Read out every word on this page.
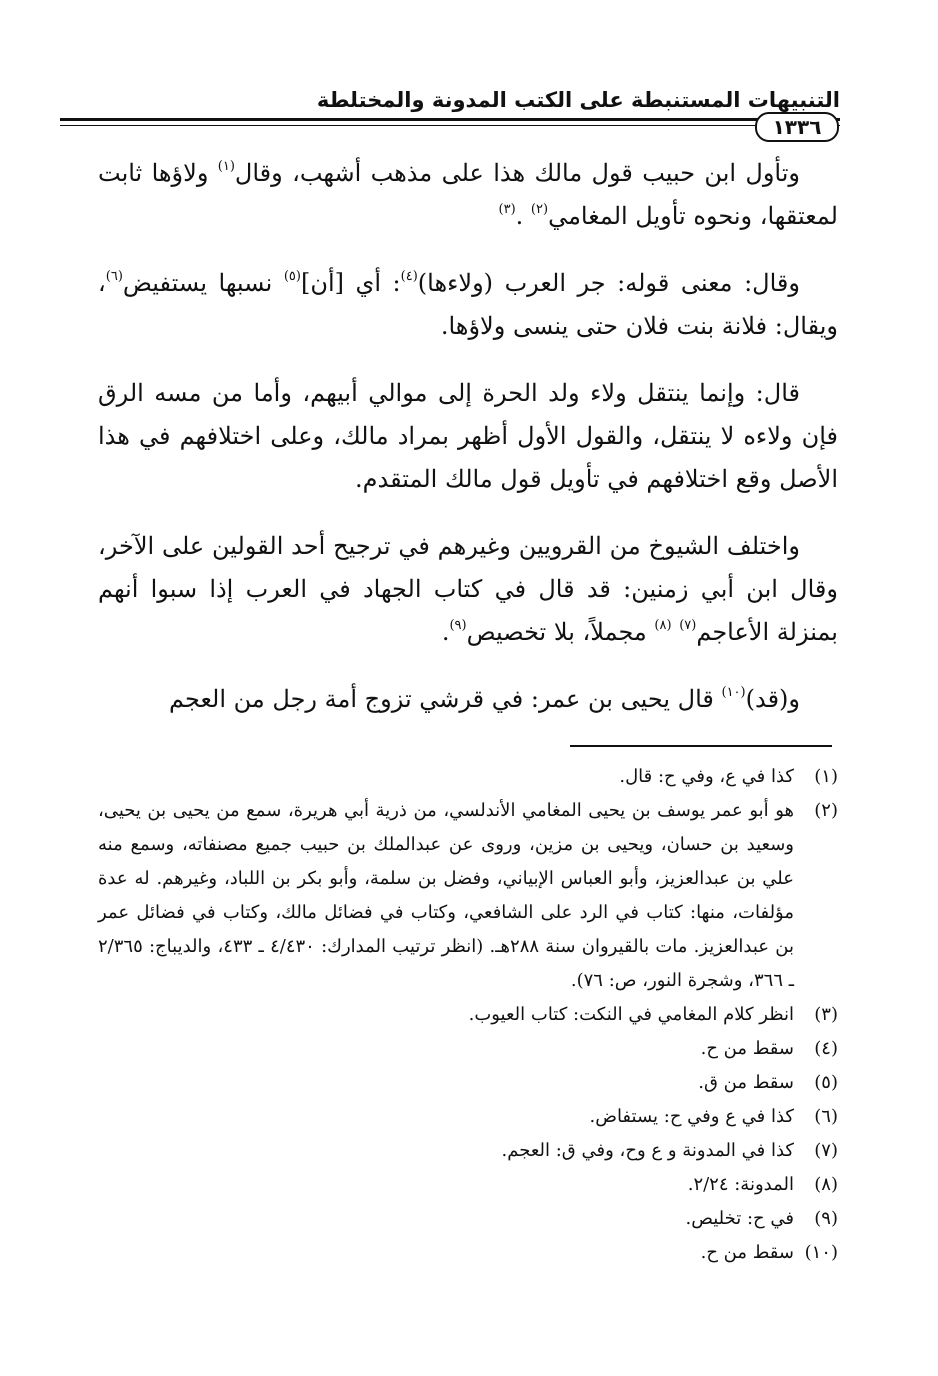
التنبيهات المستنبطة على الكتب المدونة والمختلطة
١٣٣٦

وتأول ابن حبيب قول مالك هذا على مذهب أشهب، وقال$^{(١)}$ ولاؤها ثابت لمعتقها، ونحوه تأويل المغامي$^{(٢)}$ .$^{(٣)}$

وقال: معنى قوله: جر العرب (ولاءها)$^{(٤)}$: أي [أن]$^{(٥)}$ نسبها يستفيض$^{(٦)}$، ويقال: فلانة بنت فلان حتى ينسى ولاؤها.

قال: وإنما ينتقل ولاء ولد الحرة إلى موالي أبيهم، وأما من مسه الرق فإن ولاءه لا ينتقل، والقول الأول أظهر بمراد مالك، وعلى اختلافهم في هذا الأصل وقع اختلافهم في تأويل قول مالك المتقدم.

واختلف الشيوخ من القرويين وغيرهم في ترجيح أحد القولين على الآخر، وقال ابن أبي زمنين: قد قال في كتاب الجهاد في العرب إذا سبوا أنهم بمنزلة الأعاجم$^{(٧)}$ $^{(٨)}$ مجملاً، بلا تخصيص$^{(٩)}$.

و(قد)$^{(١٠)}$ قال يحيى بن عمر: في قرشي تزوج أمة رجل من العجم

(١)
كذا في ع، وفي ح: قال.
(٢)
هو أبو عمر يوسف بن يحيى المغامي الأندلسي، من ذرية أبي هريرة، سمع من يحيى بن يحيى، وسعيد بن حسان، ويحيى بن مزين، وروى عن عبدالملك بن حبيب جميع مصنفاته، وسمع منه علي بن عبدالعزيز، وأبو العباس الإبياني، وفضل بن سلمة، وأبو بكر بن اللباد، وغيرهم. له عدة مؤلفات، منها: كتاب في الرد على الشافعي، وكتاب في فضائل مالك، وكتاب في فضائل عمر بن عبدالعزيز. مات بالقيروان سنة ٢٨٨هـ. (انظر ترتيب المدارك: ٤/٤٣٠ ـ ٤٣٣، والديباج: ٢/٣٦٥ ـ ٣٦٦، وشجرة النور، ص: ٧٦).
(٣)
انظر كلام المغامي في النكت: كتاب العيوب.
(٤)
سقط من ح.
(٥)
سقط من ق.
(٦)
كذا في ع وفي ح: يستفاض.
(٧)
كذا في المدونة و ع وح، وفي ق: العجم.
(٨)
المدونة: ٢/٢٤.
(٩)
في ح: تخليص.
(١٠)
سقط من ح.
